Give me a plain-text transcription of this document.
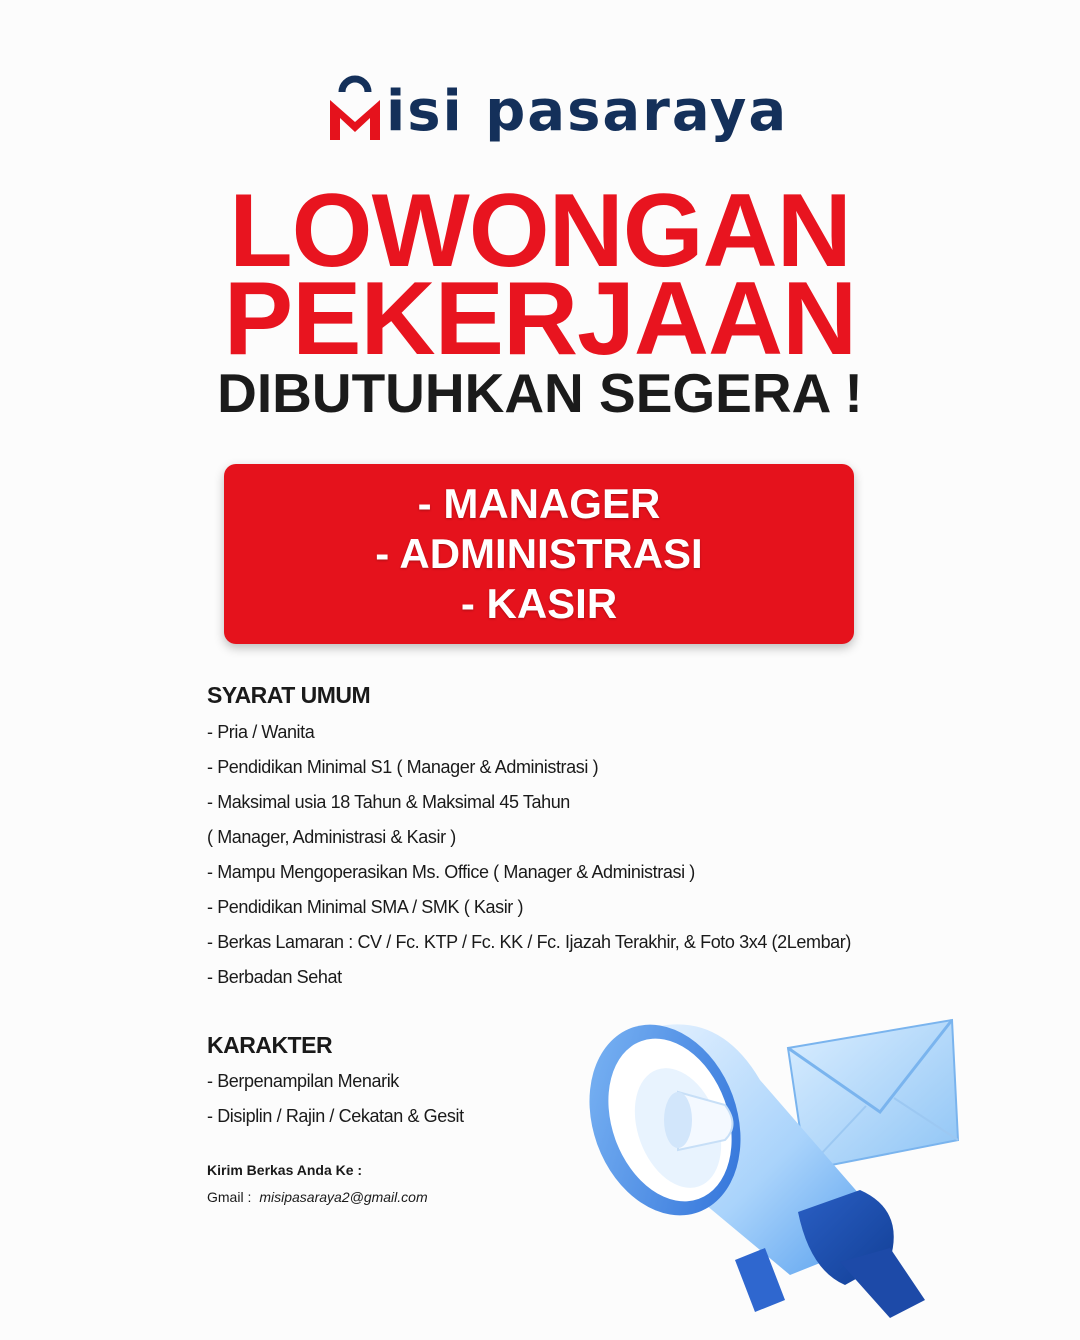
isi pasaraya
LOWONGAN
PEKERJAAN
DIBUTUHKAN SEGERA !
- MANAGER
- ADMINISTRASI
- KASIR
SYARAT UMUM
- Pria / Wanita
- Pendidikan Minimal S1 ( Manager & Administrasi )
- Maksimal usia 18 Tahun & Maksimal 45 Tahun
( Manager, Administrasi & Kasir )
- Mampu Mengoperasikan Ms. Office ( Manager & Administrasi )
- Pendidikan Minimal SMA / SMK ( Kasir )
- Berkas Lamaran : CV / Fc. KTP / Fc. KK / Fc. Ijazah Terakhir, & Foto 3x4 (2Lembar)
- Berbadan Sehat
KARAKTER
- Berpenampilan Menarik
- Disiplin / Rajin / Cekatan & Gesit
Kirim Berkas Anda Ke :
Gmail : misipasaraya2@gmail.com
